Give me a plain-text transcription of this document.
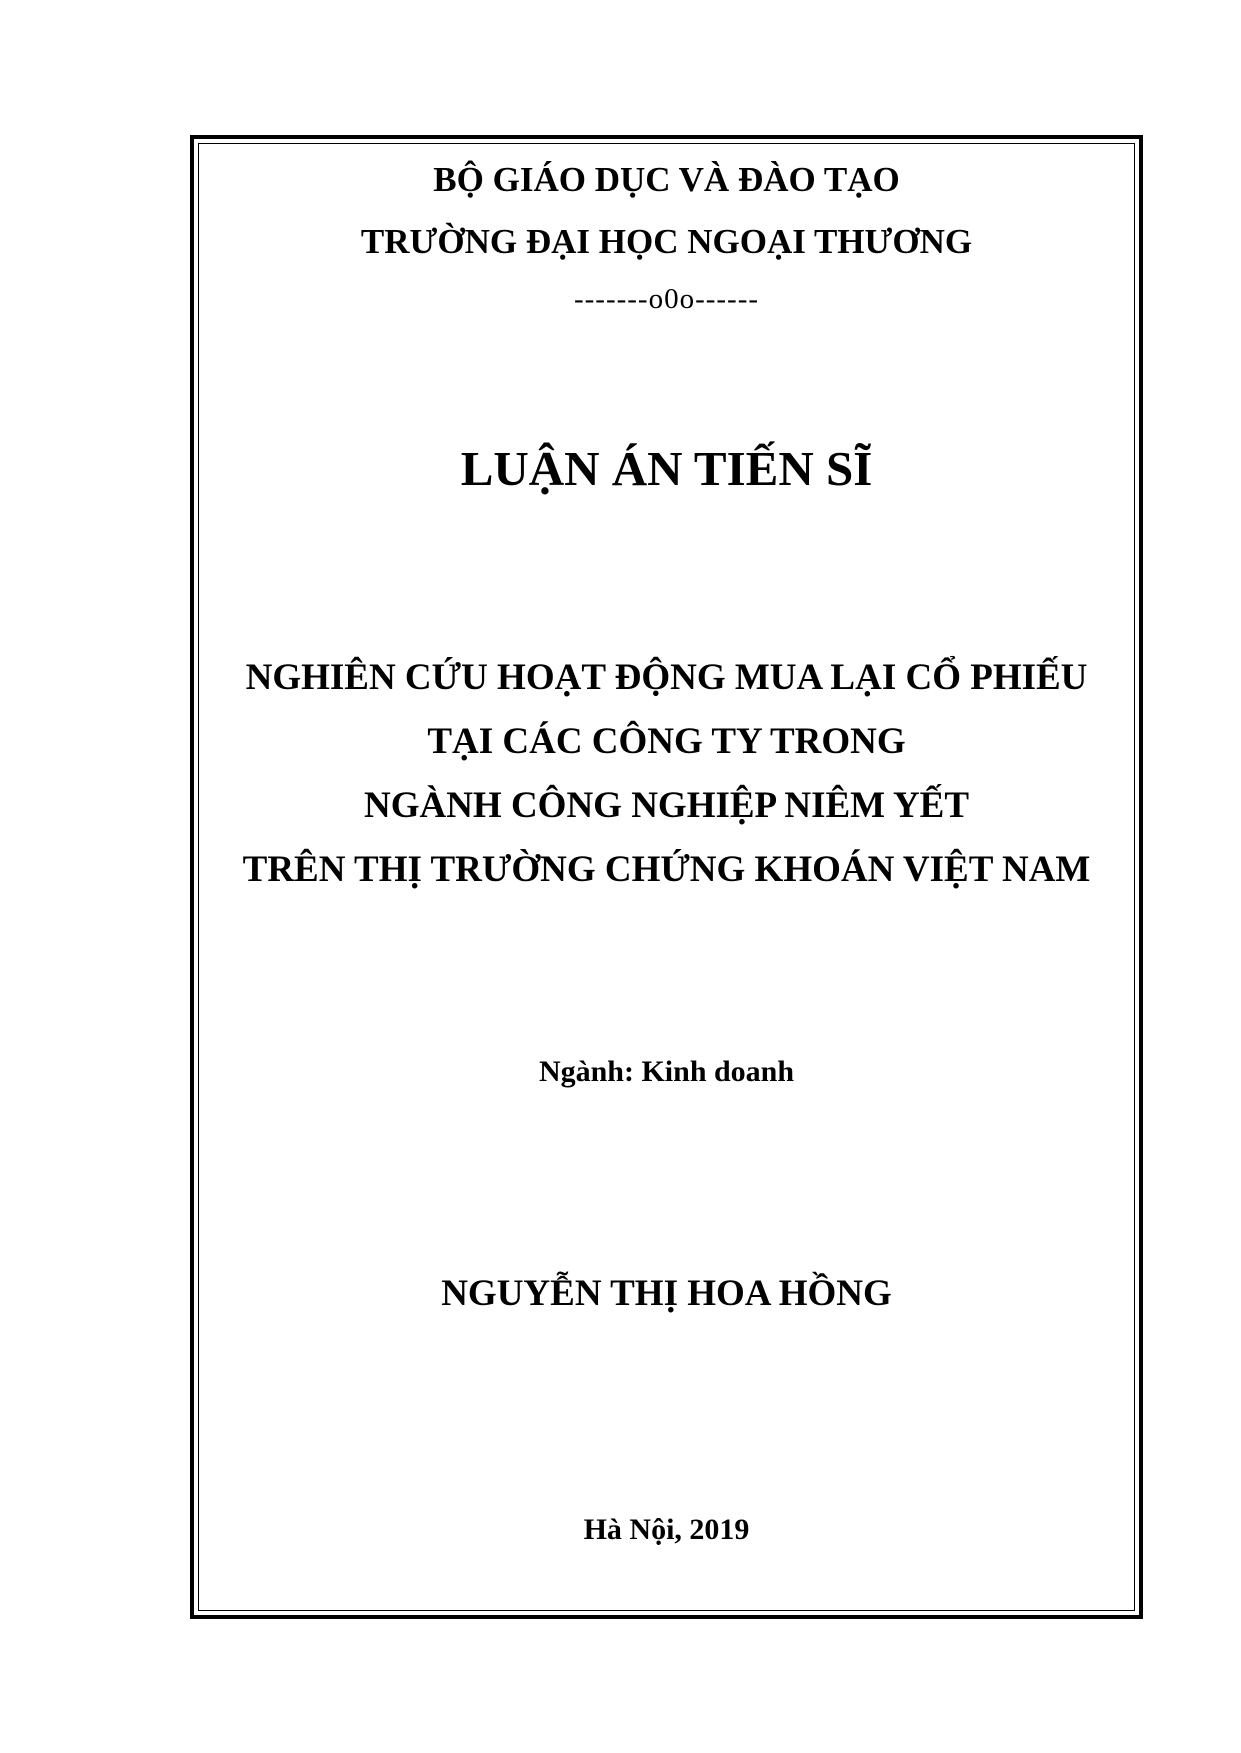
BỘ GIÁO DỤC VÀ ĐÀO TẠO
TRƯỜNG ĐẠI HỌC NGOẠI THƯƠNG
-------o0o------
LUẬN ÁN TIẾN SĨ
NGHIÊN CỨU HOẠT ĐỘNG MUA LẠI CỔ PHIẾU
TẠI CÁC CÔNG TY TRONG
NGÀNH CÔNG NGHIỆP NIÊM YẾT
TRÊN THỊ TRƯỜNG CHỨNG KHOÁN VIỆT NAM
Ngành: Kinh doanh
NGUYỄN THỊ HOA HỒNG
Hà Nội, 2019
